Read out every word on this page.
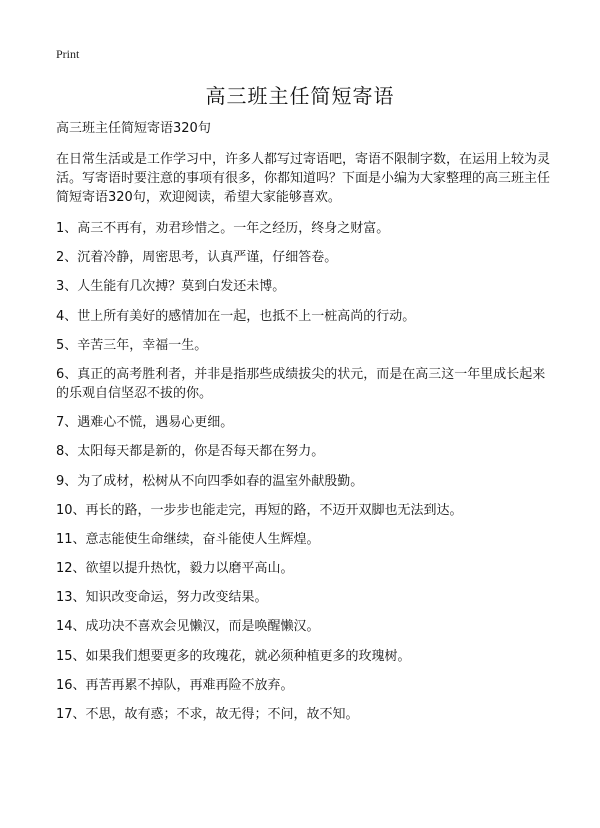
Print
高三班主任简短寄语

高三班主任简短寄语320句

在日常生活或是工作学习中，许多人都写过寄语吧，寄语不限制字数，在运用上较为灵活。写寄语时要注意的事项有很多，你都知道吗？下面是小编为大家整理的高三班主任简短寄语320句，欢迎阅读，希望大家能够喜欢。

1、高三不再有，劝君珍惜之。一年之经历，终身之财富。
2、沉着冷静，周密思考，认真严谨，仔细答卷。
3、人生能有几次搏？莫到白发还未博。
4、世上所有美好的感情加在一起，也抵不上一桩高尚的行动。
5、辛苦三年，幸福一生。
6、真正的高考胜利者，并非是指那些成绩拔尖的状元，而是在高三这一年里成长起来的乐观自信坚忍不拔的你。
7、遇难心不慌，遇易心更细。
8、太阳每天都是新的，你是否每天都在努力。
9、为了成材，松树从不向四季如春的温室外献殷勤。
10、再长的路，一步步也能走完，再短的路，不迈开双脚也无法到达。
11、意志能使生命继续，奋斗能使人生辉煌。
12、欲望以提升热忱，毅力以磨平高山。
13、知识改变命运，努力改变结果。
14、成功决不喜欢会见懒汉，而是唤醒懒汉。
15、如果我们想要更多的玫瑰花，就必须种植更多的玫瑰树。
16、再苦再累不掉队，再难再险不放弃。
17、不思，故有惑；不求，故无得；不问，故不知。
